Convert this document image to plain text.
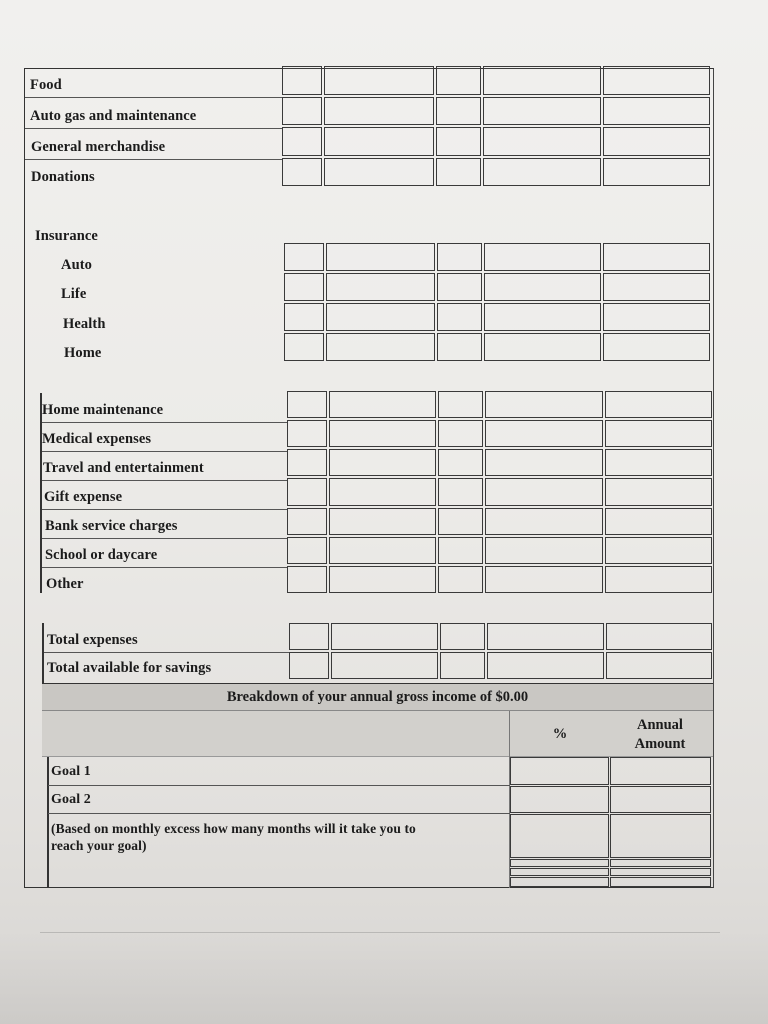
Food
Auto gas and maintenance
General merchandise
Donations
Insurance
Auto
Life
Health
Home
Home maintenance
Medical expenses
Travel and entertainment
Gift expense
Bank service charges
School or daycare
Other
Total expenses
Total available for savings
Breakdown of your annual gross income of $0.00
%
Annual
Amount
Goal 1
Goal 2
(Based on monthly excess how many months will it take you to
reach your goal)
